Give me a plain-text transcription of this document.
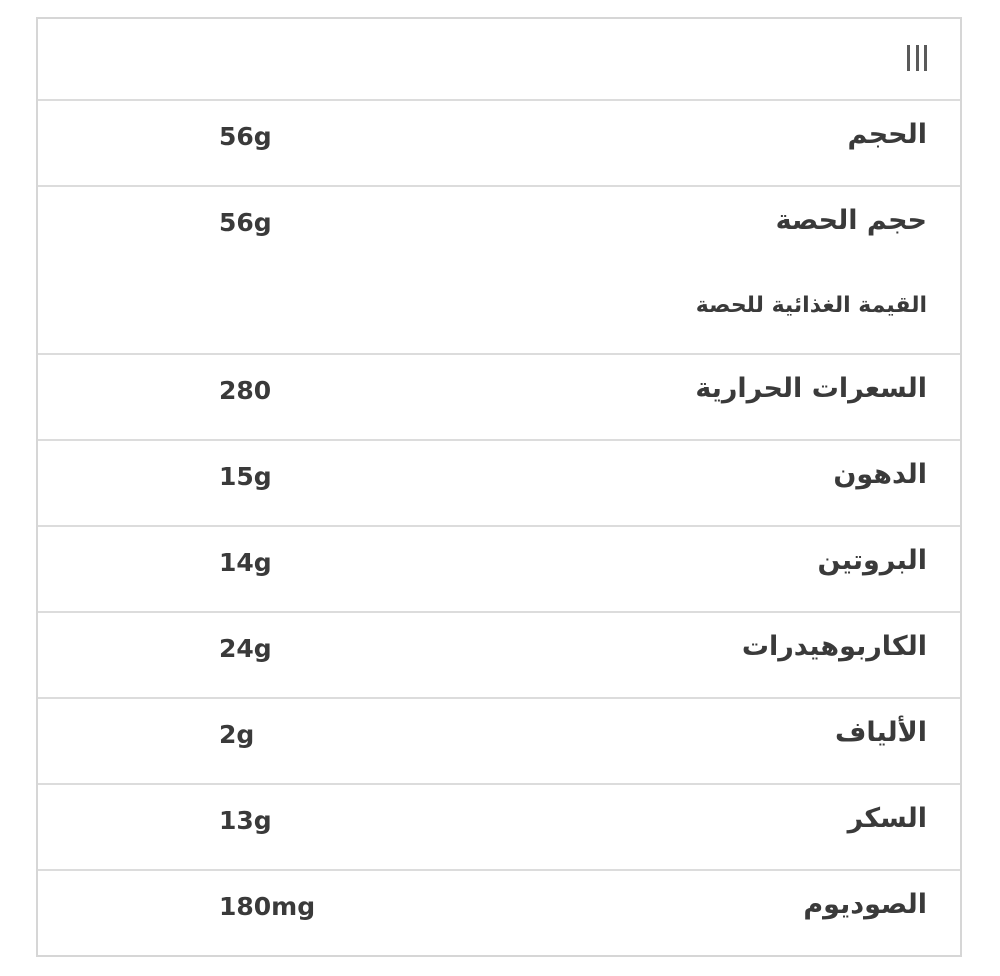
الحجم
56g
حجم الحصة
56g
القيمة الغذائية للحصة
السعرات الحرارية
280
الدهون
15g
البروتين
14g
الكاربوهيدرات
24g
الألياف
2g
السكر
13g
الصوديوم
180mg
